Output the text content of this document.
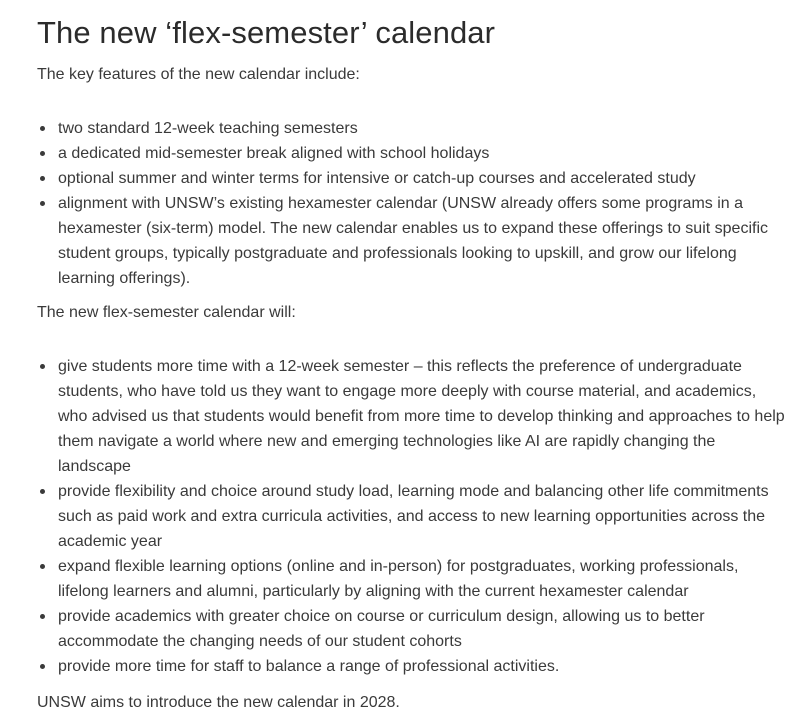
The new ‘flex-semester’ calendar

The key features of the new calendar include:

two standard 12-week teaching semesters
a dedicated mid-semester break aligned with school holidays
optional summer and winter terms for intensive or catch-up courses and accelerated study
alignment with UNSW’s existing hexamester calendar (UNSW already offers some programs in a hexamester (six-term) model. The new calendar enables us to expand these offerings to suit specific student groups, typically postgraduate and professionals looking to upskill, and grow our lifelong learning offerings).

The new flex-semester calendar will:

give students more time with a 12-week semester – this reflects the preference of undergraduate students, who have told us they want to engage more deeply with course material, and academics, who advised us that students would benefit from more time to develop thinking and approaches to help them navigate a world where new and emerging technologies like AI are rapidly changing the landscape
provide flexibility and choice around study load, learning mode and balancing other life commitments such as paid work and extra curricula activities, and access to new learning opportunities across the academic year
expand flexible learning options (online and in-person) for postgraduates, working professionals, lifelong learners and alumni, particularly by aligning with the current hexamester calendar
provide academics with greater choice on course or curriculum design, allowing us to better accommodate the changing needs of our student cohorts
provide more time for staff to balance a range of professional activities.

UNSW aims to introduce the new calendar in 2028.
